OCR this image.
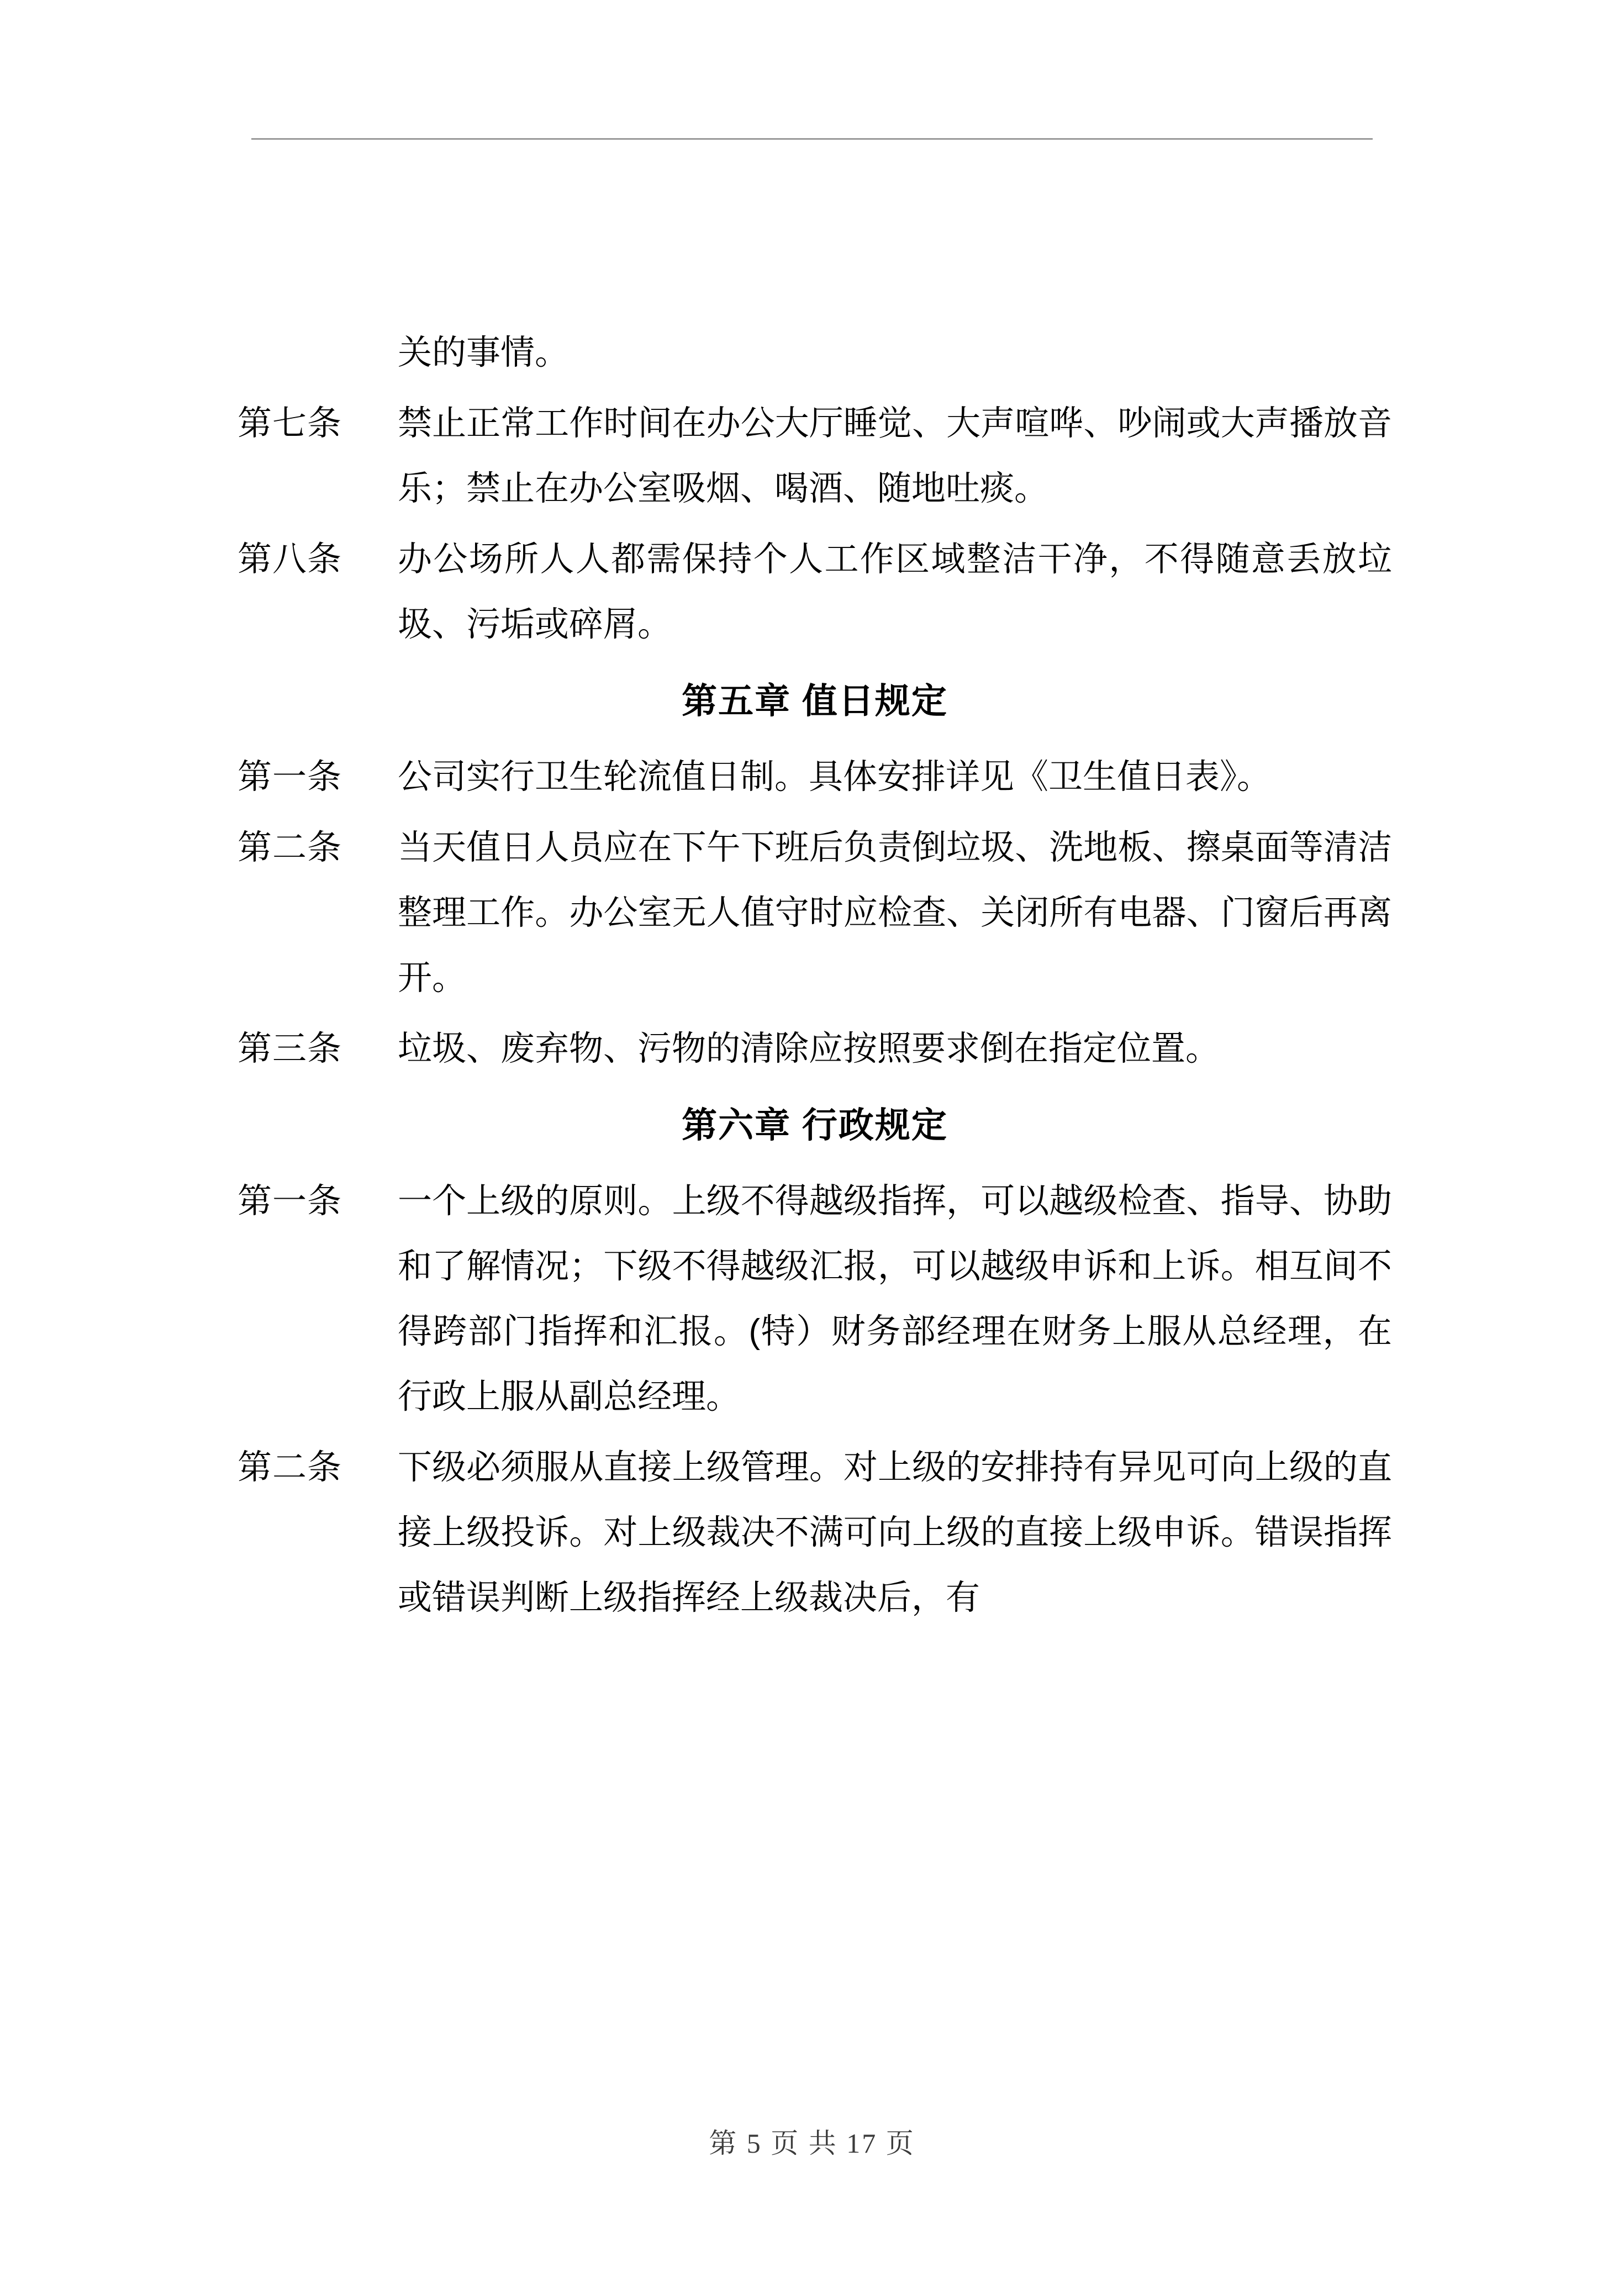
关的事情。
第七条	禁止正常工作时间在办公大厅睡觉、大声喧哗、吵闹或大声播放音乐；禁止在办公室吸烟、喝酒、随地吐痰。
第八条	办公场所人人都需保持个人工作区域整洁干净，不得随意丢放垃圾、污垢或碎屑。
第五章 值日规定
第一条	公司实行卫生轮流值日制。具体安排详见《卫生值日表》。
第二条	当天值日人员应在下午下班后负责倒垃圾、洗地板、擦桌面等清洁整理工作。办公室无人值守时应检查、关闭所有电器、门窗后再离开。
第三条	垃圾、废弃物、污物的清除应按照要求倒在指定位置。
第六章 行政规定
第一条	一个上级的原则。上级不得越级指挥，可以越级检查、指导、协助和了解情况；下级不得越级汇报，可以越级申诉和上诉。相互间不得跨部门指挥和汇报。(特）财务部经理在财务上服从总经理，在行政上服从副总经理。
第二条	下级必须服从直接上级管理。对上级的安排持有异见可向上级的直接上级投诉。对上级裁决不满可向上级的直接上级申诉。错误指挥或错误判断上级指挥经上级裁决后，有
第 5 页 共 17 页
